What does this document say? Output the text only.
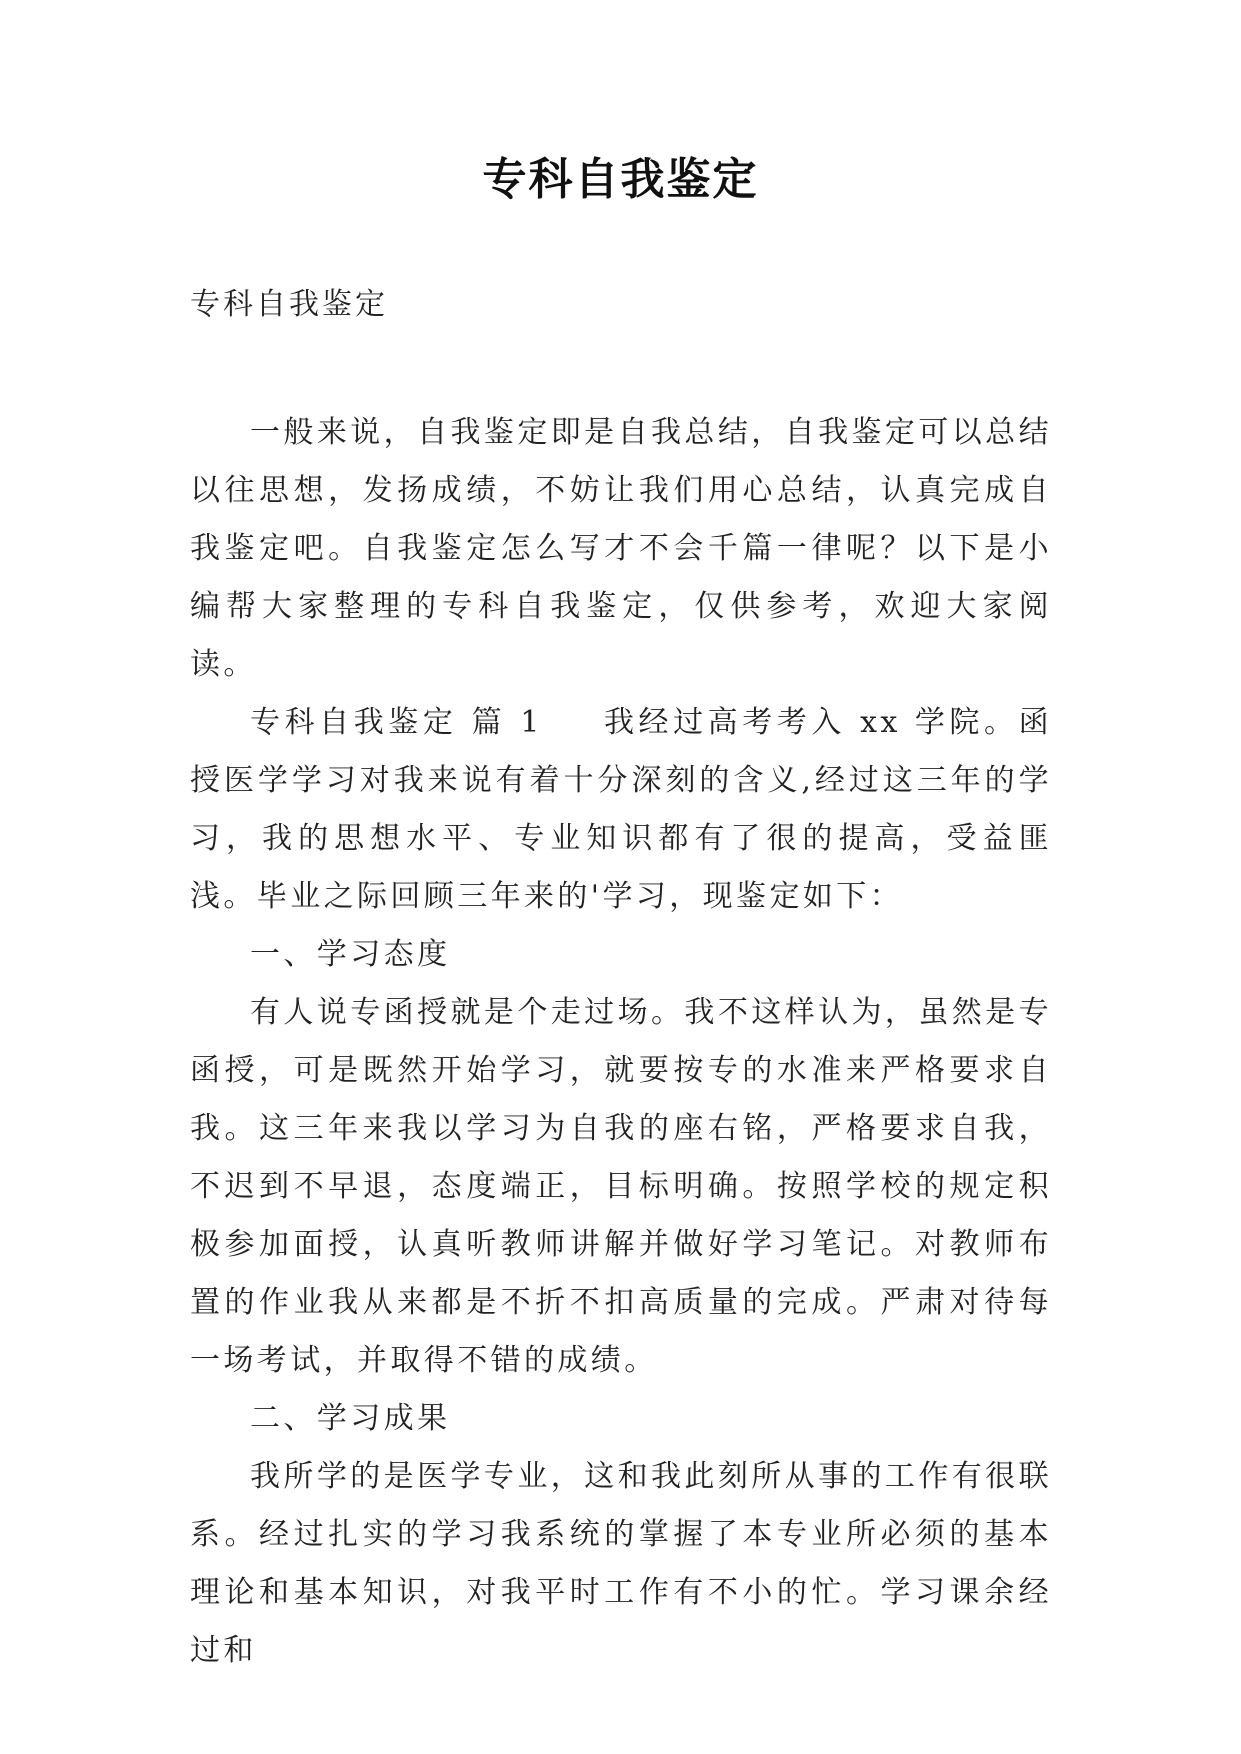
专科自我鉴定

专科自我鉴定

一般来说，自我鉴定即是自我总结，自我鉴定可以总结以往思想，发扬成绩，不妨让我们用心总结，认真完成自我鉴定吧。自我鉴定怎么写才不会千篇一律呢？以下是小编帮大家整理的专科自我鉴定，仅供参考，欢迎大家阅读。

专科自我鉴定 篇 1 我经过高考考入 xx 学院。函授医学学习对我来说有着十分深刻的含义,经过这三年的学习，我的思想水平、专业知识都有了很的提高，受益匪浅。毕业之际回顾三年来的'学习，现鉴定如下：

一、学习态度

有人说专函授就是个走过场。我不这样认为，虽然是专函授，可是既然开始学习，就要按专的水准来严格要求自我。这三年来我以学习为自我的座右铭，严格要求自我，不迟到不早退，态度端正，目标明确。按照学校的规定积极参加面授，认真听教师讲解并做好学习笔记。对教师布置的作业我从来都是不折不扣高质量的完成。严肃对待每一场考试，并取得不错的成绩。

二、学习成果

我所学的是医学专业，这和我此刻所从事的工作有很联系。经过扎实的学习我系统的掌握了本专业所必须的基本理论和基本知识，对我平时工作有不小的忙。学习课余经过和
